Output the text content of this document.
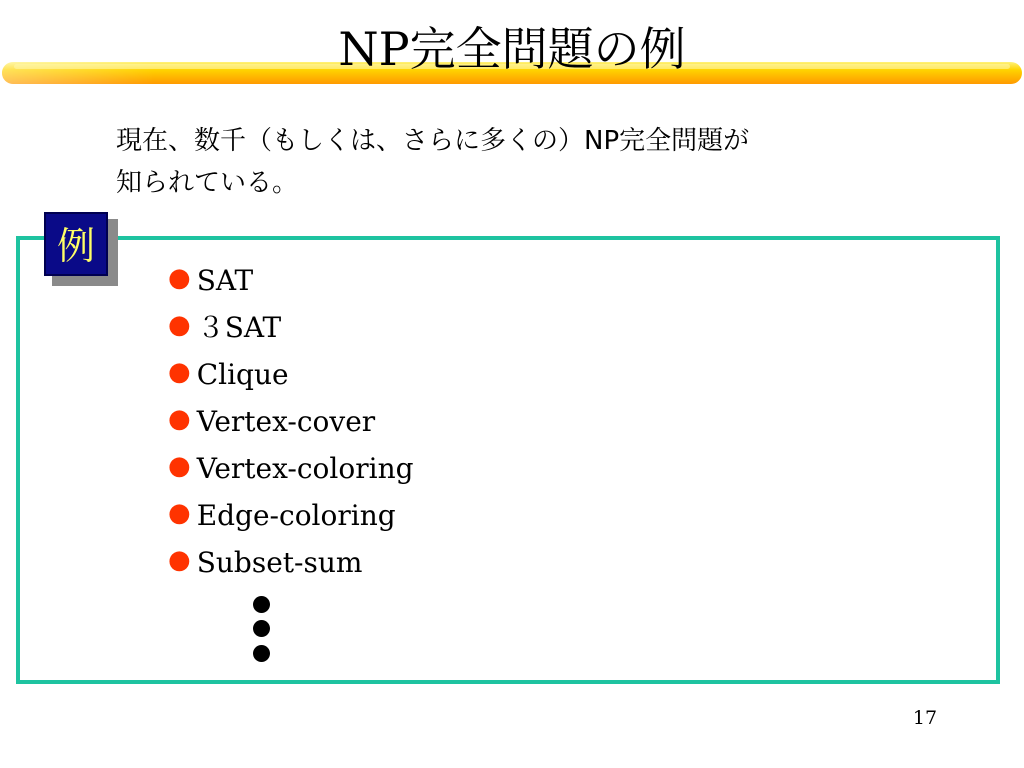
NP完全問題の例
現在、数千（もしくは、さらに多くの）NP完全問題が
知られている。
例
● SAT
● ３SAT
● Clique
● Vertex-cover
● Vertex-coloring
● Edge-coloring
● Subset-sum
17
